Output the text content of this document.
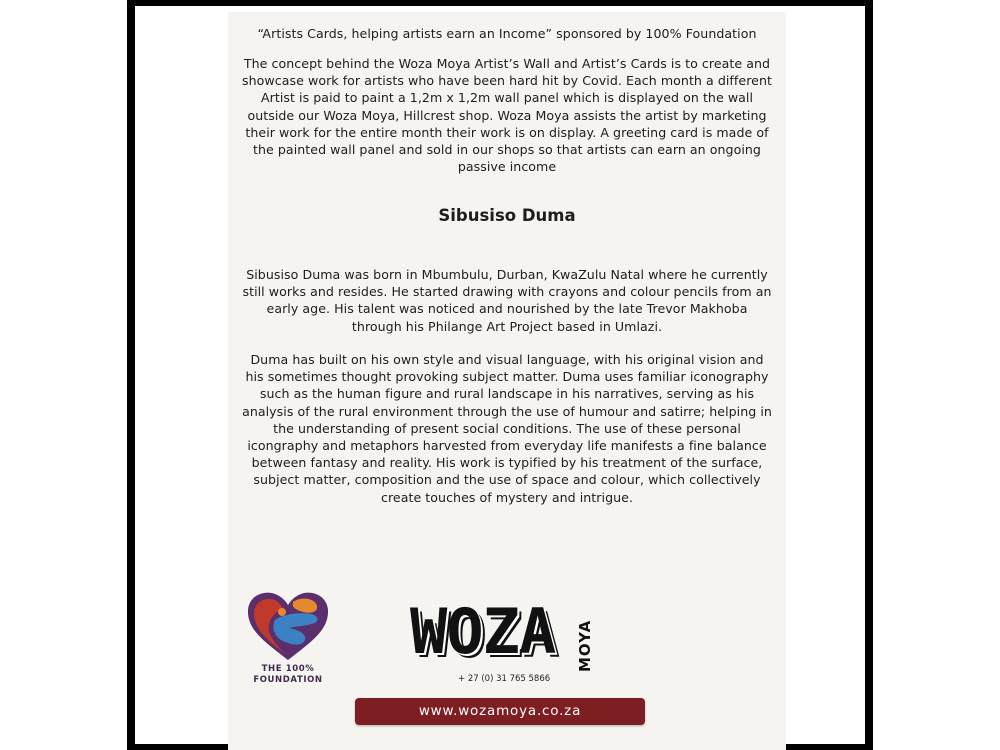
“Artists Cards, helping artists earn an Income” sponsored by 100% Foundation

The concept behind the Woza Moya Artist’s Wall and Artist’s Cards is to create and showcase work for artists who have been hard hit by Covid. Each month a different Artist is paid to paint a 1,2m x 1,2m wall panel which is displayed on the wall outside our Woza Moya, Hillcrest shop. Woza Moya assists the artist by marketing their work for the entire month their work is on display. A greeting card is made of the painted wall panel and sold in our shops so that artists can earn an ongoing passive income

Sibusiso Duma

Sibusiso Duma was born in Mbumbulu, Durban, KwaZulu Natal where he currently still works and resides. He started drawing with crayons and colour pencils from an early age. His talent was noticed and nourished by the late Trevor Makhoba through his Philange Art Project based in Umlazi.

Duma has built on his own style and visual language, with his original vision and his sometimes thought provoking subject matter. Duma uses familiar iconography such as the human figure and rural landscape in his narratives, serving as his analysis of the rural environment through the use of humour and satirre; helping in the understanding of present social conditions. The use of these personal icongraphy and metaphors harvested from everyday life manifests a fine balance between fantasy and reality. His work is typified by his treatment of the surface, subject matter, composition and the use of space and colour, which collectively create touches of mystery and intrigue.

THE 100%
FOUNDATION
WOZA MOYA
+ 27 (0) 31 765 5866
www.wozamoya.co.za
